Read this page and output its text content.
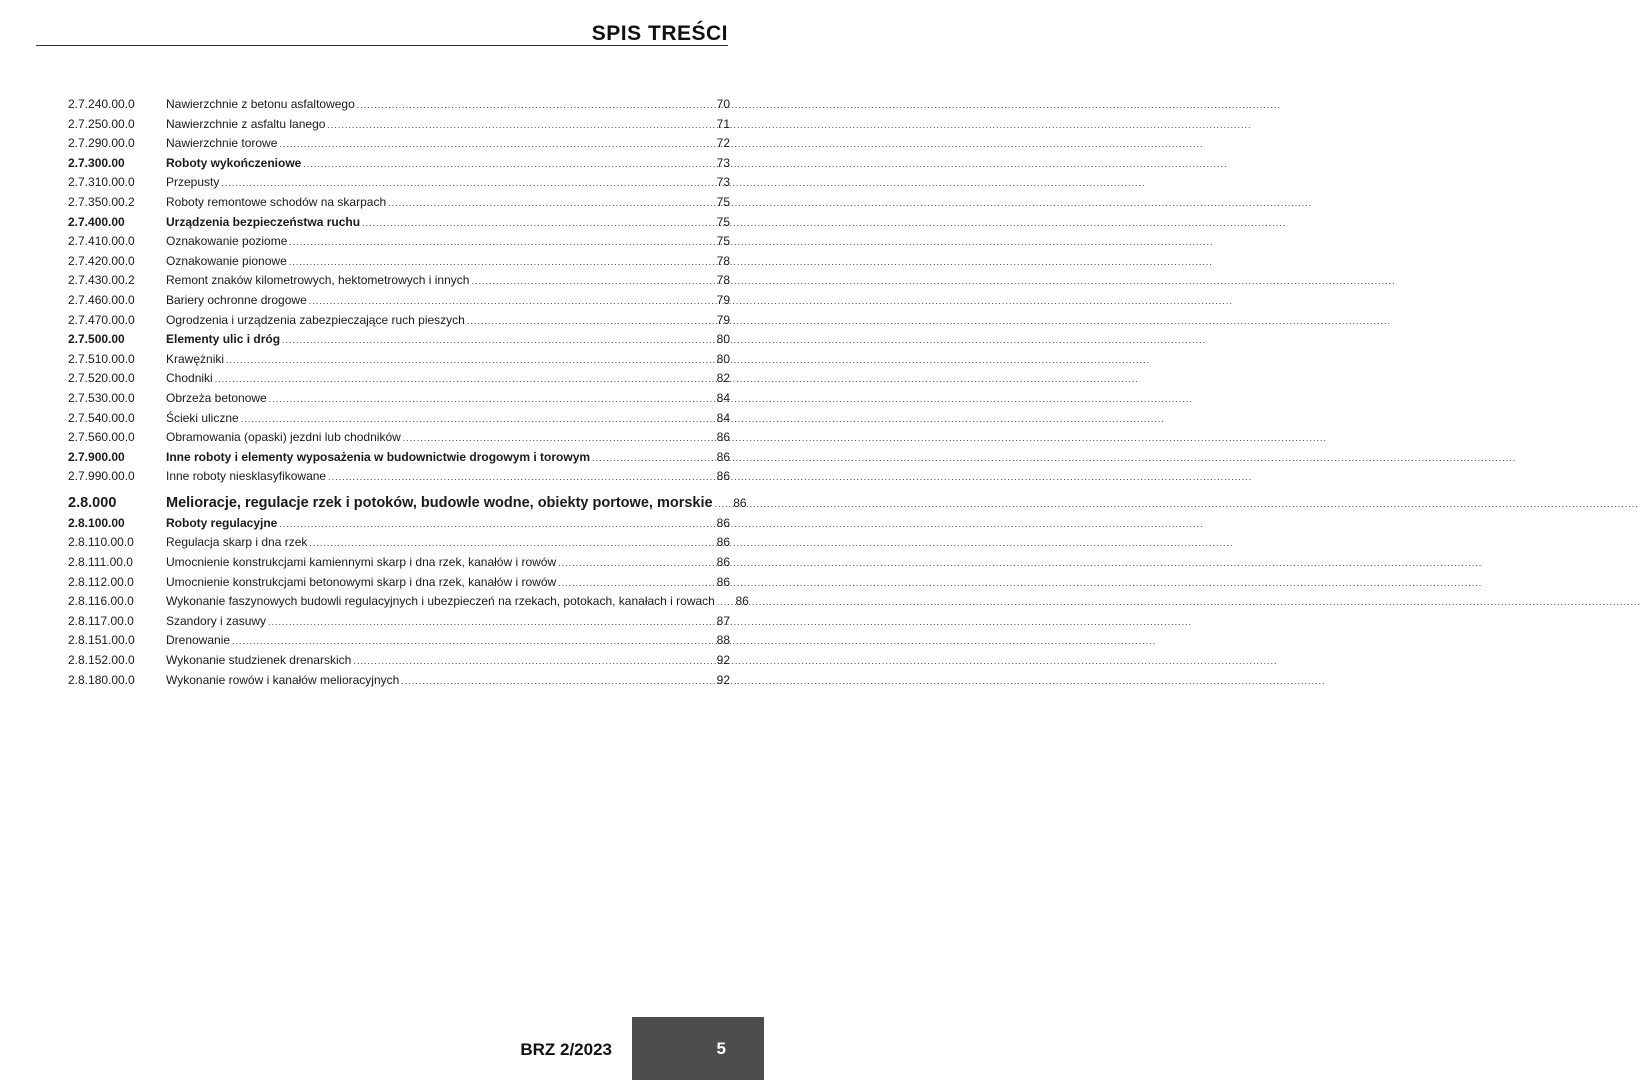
SPIS TREŚCI
2.7.240.00.0	Nawierzchnie z betonu asfaltowego .....	70
2.7.250.00.0	Nawierzchnie z asfaltu lanego .....	71
2.7.290.00.0	Nawierzchnie torowe .....	72
2.7.300.00	Roboty wykończeniowe .....	73
2.7.310.00.0	Przepusty .....	73
2.7.350.00.2	Roboty remontowe schodów na skarpach .....	75
2.7.400.00	Urządzenia bezpieczeństwa ruchu .....	75
2.7.410.00.0	Oznakowanie poziome .....	75
2.7.420.00.0	Oznakowanie pionowe .....	78
2.7.430.00.2	Remont znaków kilometrowych, hektometrowych i innych .....	78
2.7.460.00.0	Bariery ochronne drogowe .....	79
2.7.470.00.0	Ogrodzenia i urządzenia zabezpieczające ruch pieszych .....	79
2.7.500.00	Elementy ulic i dróg .....	80
2.7.510.00.0	Krawężniki .....	80
2.7.520.00.0	Chodniki .....	82
2.7.530.00.0	Obrzeża betonowe .....	84
2.7.540.00.0	Ścieki uliczne .....	84
2.7.560.00.0	Obramowania (opaski) jezdni lub chodników .....	86
2.7.900.00	Inne roboty i elementy wyposażenia w budownictwie drogowym i torowym .....	86
2.7.990.00.0	Inne roboty niesklasyfikowane .....	86
2.8.000	Melioracje, regulacje rzek i potoków, budowle wodne, obiekty portowe, morskie .....	86
2.8.100.00	Roboty regulacyjne .....	86
2.8.110.00.0	Regulacja skarp i dna rzek .....	86
2.8.111.00.0	Umocnienie konstrukcjami kamiennymi skarp i dna rzek, kanałów i rowów .....	86
2.8.112.00.0	Umocnienie konstrukcjami betonowymi skarp i dna rzek, kanałów i rowów .....	86
2.8.116.00.0	Wykonanie faszynowych budowli regulacyjnych i ubezpieczeń na rzekach, potokach, kanałach i rowach .....	86
2.8.117.00.0	Szandory i zasuwy .....	87
2.8.151.00.0	Drenowanie .....	88
2.8.152.00.0	Wykonanie studzienek drenarskich .....	92
2.8.180.00.0	Wykonanie rowów i kanałów melioracyjnych .....	92
BRZ 2/2023	5
